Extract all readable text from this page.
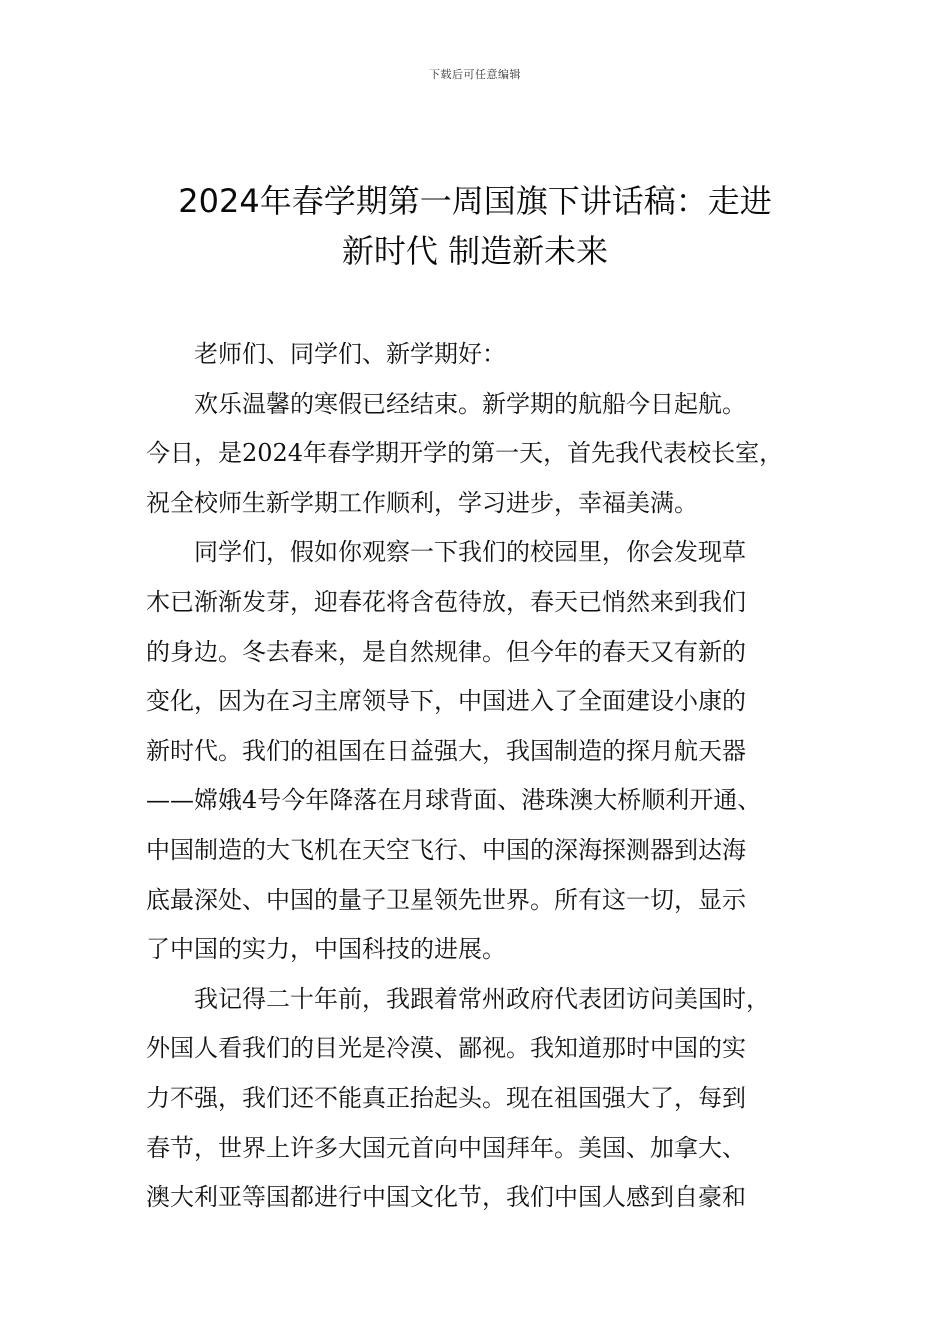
下载后可任意编辑
2024年春学期第一周国旗下讲话稿：走进
新时代 制造新未来
老师们、同学们、新学期好：
欢乐温馨的寒假已经结束。新学期的航船今日起航。
今日，是2024年春学期开学的第一天，首先我代表校长室，
祝全校师生新学期工作顺利，学习进步，幸福美满。
同学们，假如你观察一下我们的校园里，你会发现草
木已渐渐发芽，迎春花将含苞待放，春天已悄然来到我们
的身边。冬去春来，是自然规律。但今年的春天又有新的
变化，因为在习主席领导下，中国进入了全面建设小康的
新时代。我们的祖国在日益强大，我国制造的探月航天器
——嫦娥4号今年降落在月球背面、港珠澳大桥顺利开通、
中国制造的大飞机在天空飞行、中国的深海探测器到达海
底最深处、中国的量子卫星领先世界。所有这一切，显示
了中国的实力，中国科技的进展。
我记得二十年前，我跟着常州政府代表团访问美国时，
外国人看我们的目光是冷漠、鄙视。我知道那时中国的实
力不强，我们还不能真正抬起头。现在祖国强大了，每到
春节，世界上许多大国元首向中国拜年。美国、加拿大、
澳大利亚等国都进行中国文化节，我们中国人感到自豪和
